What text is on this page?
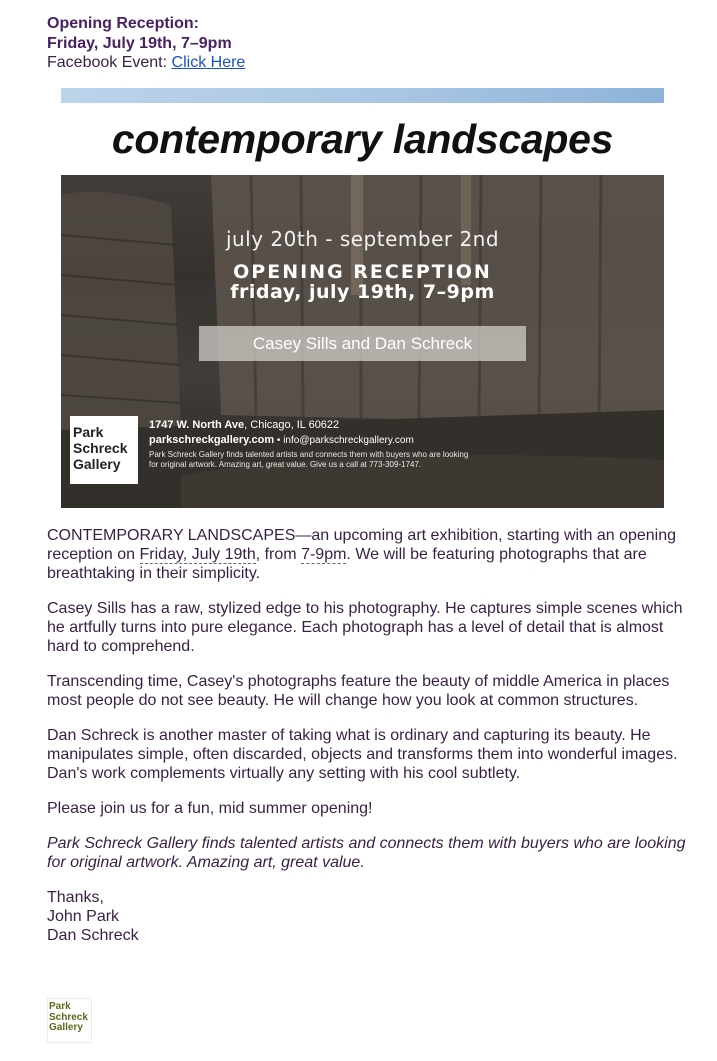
Opening Reception:
Friday, July 19th, 7–9pm
Facebook Event: Click Here
contemporary landscapes
july 20th - september 2nd
OPENING RECEPTION
friday, july 19th, 7–9pm
Casey Sills and Dan Schreck
Park
Schreck
Gallery
1747 W. North Ave, Chicago, IL 60622
parkschreckgallery.com • info@parkschreckgallery.com
Park Schreck Gallery finds talented artists and connects them with buyers who are looking for original artwork. Amazing art, great value. Give us a call at 773-309-1747.

CONTEMPORARY LANDSCAPES—an upcoming art exhibition, starting with an opening reception on Friday, July 19th, from 7-9pm. We will be featuring photographs that are breathtaking in their simplicity.

Casey Sills has a raw, stylized edge to his photography. He captures simple scenes which he artfully turns into pure elegance. Each photograph has a level of detail that is almost hard to comprehend.

Transcending time, Casey's photographs feature the beauty of middle America in places most people do not see beauty. He will change how you look at common structures.

Dan Schreck is another master of taking what is ordinary and capturing its beauty. He manipulates simple, often discarded, objects and transforms them into wonderful images. Dan's work complements virtually any setting with his cool subtlety.

Please join us for a fun, mid summer opening!

Park Schreck Gallery finds talented artists and connects them with buyers who are looking for original artwork. Amazing art, great value.

Thanks,
John Park
Dan Schreck
Park
Schreck
Gallery
